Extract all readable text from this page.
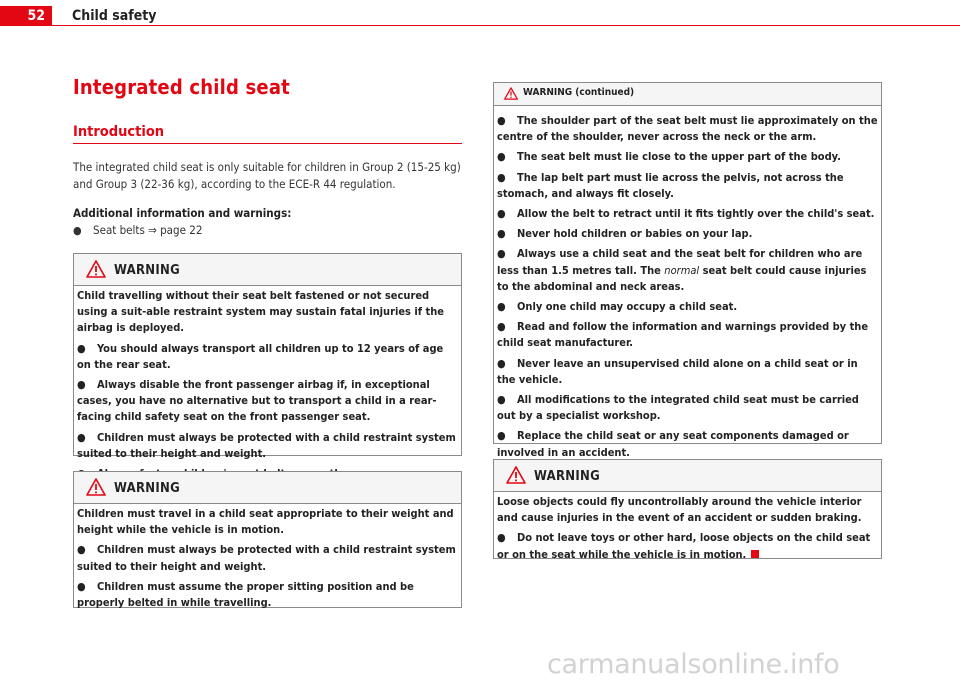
52	Child safety
Integrated child seat
Introduction
The integrated child seat is only suitable for children in Group 2 (15-25 kg) and Group 3 (22-36 kg), according to the ECE-R 44 regulation.
Additional information and warnings:
● Seat belts ⇒ page 22
WARNING

Child travelling without their seat belt fastened or not secured using a suit-able restraint system may sustain fatal injuries if the airbag is deployed.

● You should always transport all children up to 12 years of age on the rear seat.

● Always disable the front passenger airbag if, in exceptional cases, you have no alternative but to transport a child in a rear-facing child safety seat on the front passenger seat.

● Children must always be protected with a child restraint system suited to their height and weight.

WARNING

Children must travel in a child seat appropriate to their weight and height while the vehicle is in motion.

● Children must always be protected with a child restraint system suited to their height and weight.

● Children must assume the proper sitting position and be properly belted in while travelling.

WARNING (continued)

● The shoulder part of the seat belt must lie approximately on the centre of the shoulder, never across the neck or the arm.

● The seat belt must lie close to the upper part of the body.

● The lap belt part must lie across the pelvis, not across the stomach, and always fit closely.

● Allow the belt to retract until it fits tightly over the child's seat.

● Never hold children or babies on your lap.

● Always use a child seat and the seat belt for children who are less than 1.5 metres tall. The normal seat belt could cause injuries to the abdominal and neck areas.

● Only one child may occupy a child seat.

● Read and follow the information and warnings provided by the child seat manufacturer.

● Never leave an unsupervised child alone on a child seat or in the vehicle.

● All modifications to the integrated child seat must be carried out by a specialist workshop.

● Replace the child seat or any seat components damaged or involved in an accident.

WARNING

Loose objects could fly uncontrollably around the vehicle interior and cause injuries in the event of an accident or sudden braking.

● Do not leave toys or other hard, loose objects on the child seat or on the seat while the vehicle is in motion.

carmanualsonline.info
